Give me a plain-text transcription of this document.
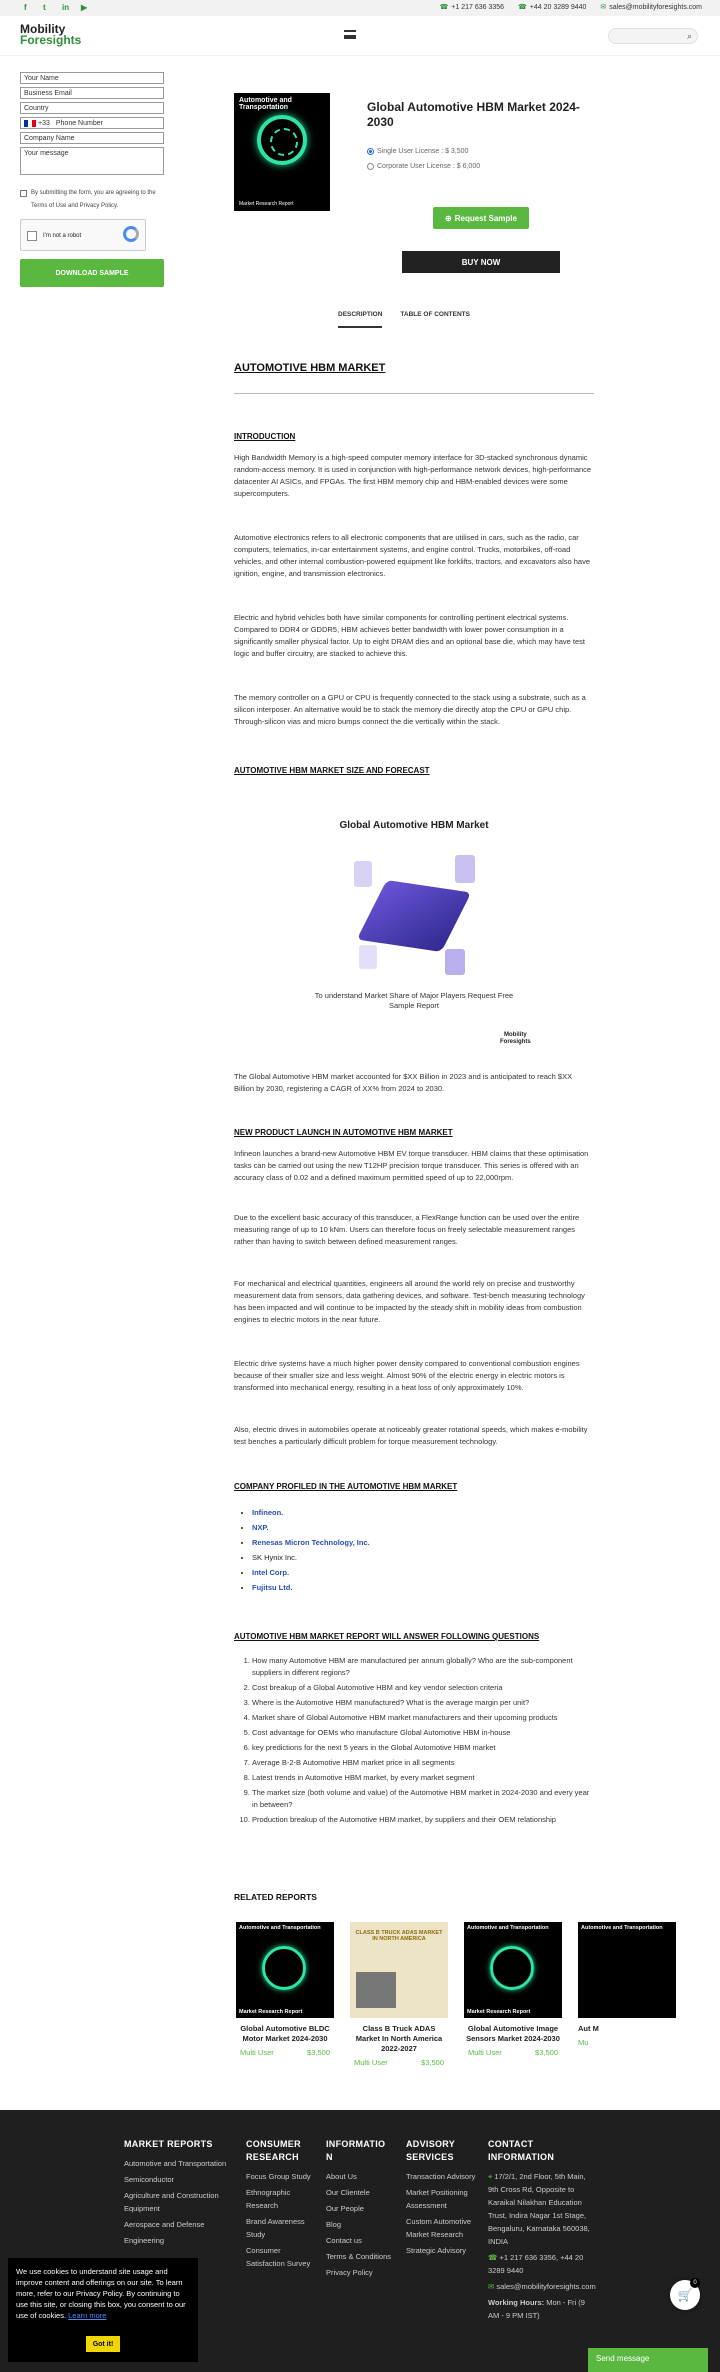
f	t	in ▶	☎ +1 217 636 3356 ☎ +44 20 3289 9440 ✉ sales@mobilityforesights.com
Mobility
Foresights	⌕
Your Name
Business Email
Country
+33 Phone Number
Company Name
Your message
By submitting the form, you are agreeing to the Terms of Use and Privacy Policy.
I'm not a robot
DOWNLOAD SAMPLE
Automotive and Transportation
Market Research Report
Global Automotive HBM Market 2024-2030
Single User License : $ 3,500
Corporate User License : $ 6,000
⊕ Request Sample
BUY NOW
DESCRIPTION	TABLE OF CONTENTS
AUTOMOTIVE HBM MARKET
INTRODUCTION
High Bandwidth Memory is a high-speed computer memory interface for 3D-stacked synchronous dynamic random-access memory. It is used in conjunction with high-performance network devices, high-performance datacenter AI ASICs, and FPGAs. The first HBM memory chip and HBM-enabled devices were some supercomputers.
Automotive electronics refers to all electronic components that are utilised in cars, such as the radio, car computers, telematics, in-car entertainment systems, and engine control. Trucks, motorbikes, off-road vehicles, and other internal combustion-powered equipment like forklifts, tractors, and excavators also have ignition, engine, and transmission electronics.
Electric and hybrid vehicles both have similar components for controlling pertinent electrical systems. Compared to DDR4 or GDDR5, HBM achieves better bandwidth with lower power consumption in a significantly smaller physical factor. Up to eight DRAM dies and an optional base die, which may have test logic and buffer circuitry, are stacked to achieve this.
The memory controller on a GPU or CPU is frequently connected to the stack using a substrate, such as a silicon interposer. An alternative would be to stack the memory die directly atop the CPU or GPU chip. Through-silicon vias and micro bumps connect the die vertically within the stack.
AUTOMOTIVE HBM MARKET SIZE AND FORECAST
Global Automotive HBM Market
To understand Market Share of Major Players Request Free
Sample Report
Mobility
Foresights
The Global Automotive HBM market accounted for $XX Billion in 2023 and is anticipated to reach $XX Billion by 2030, registering a CAGR of XX% from 2024 to 2030.
NEW PRODUCT LAUNCH IN AUTOMOTIVE HBM MARKET
Infineon launches a brand-new Automotive HBM EV torque transducer. HBM claims that these optimisation tasks can be carried out using the new T12HP precision torque transducer. This series is offered with an accuracy class of 0.02 and a defined maximum permitted speed of up to 22,000rpm.
Due to the excellent basic accuracy of this transducer, a FlexRange function can be used over the entire measuring range of up to 10 kNm. Users can therefore focus on freely selectable measurement ranges rather than having to switch between defined measurement ranges.
For mechanical and electrical quantities, engineers all around the world rely on precise and trustworthy measurement data from sensors, data gathering devices, and software. Test-bench measuring technology has been impacted and will continue to be impacted by the steady shift in mobility ideas from combustion engines to electric motors in the near future.
Electric drive systems have a much higher power density compared to conventional combustion engines because of their smaller size and less weight. Almost 90% of the electric energy in electric motors is transformed into mechanical energy, resulting in a heat loss of only approximately 10%.
Also, electric drives in automobiles operate at noticeably greater rotational speeds, which makes e-mobility test benches a particularly difficult problem for torque measurement technology.
COMPANY PROFILED IN THE AUTOMOTIVE HBM MARKET
• Infineon.
• NXP.
• Renesas Micron Technology, Inc.
• SK Hynix Inc.
• Intel Corp.
• Fujitsu Ltd.
AUTOMOTIVE HBM MARKET REPORT WILL ANSWER FOLLOWING QUESTIONS
1. How many Automotive HBM are manufactured per annum globally? Who are the sub-component suppliers in different regions?
2. Cost breakup of a Global Automotive HBM and key vendor selection criteria
3. Where is the Automotive HBM manufactured? What is the average margin per unit?
4. Market share of Global Automotive HBM market manufacturers and their upcoming products
5. Cost advantage for OEMs who manufacture Global Automotive HBM in-house
6. key predictions for the next 5 years in the Global Automotive HBM market
7. Average B-2-B Automotive HBM market price in all segments
8. Latest trends in Automotive HBM market, by every market segment
9. The market size (both volume and value) of the Automotive HBM market in 2024-2030 and every year in between?
10. Production breakup of the Automotive HBM market, by suppliers and their OEM relationship
RELATED REPORTS
Automotive and Transportation
Market Research Report
Global Automotive BLDC Motor Market 2024-2030
Multi User	$3,500
CLASS B TRUCK ADAS MARKET IN NORTH AMERICA
Class B Truck ADAS Market In North America 2022-2027
Multi User	$3,500
Automotive and Transportation
Market Research Report
Global Automotive Image Sensors Market 2024-2030
Multi User	$3,500
Automotive and Transportation
Aut M
Mu
MARKET REPORTS
Automotive and Transportation
Semiconductor
Agriculture and Construction Equipment
Aerospace and Defense
Engineering
CONSUMER
RESEARCH
Focus Group Study
Ethnographic Research
Brand Awareness Study
Consumer Satisfaction Survey
INFORMATIO
N
About Us
Our Clientele
Our People
Blog
Contact us
Terms & Conditions
Privacy Policy
ADVISORY
SERVICES
Transaction Advisory
Market Positioning Assessment
Custom Automotive Market Research
Strategic Advisory
CONTACT
INFORMATION
⌖ 17/2/1, 2nd Floor, 5th Main, 9th Cross Rd, Opposite to Karaikal Nilakhan Education Trust, Indira Nagar 1st Stage, Bengaluru, Karnataka 560038, INDIA
☎ +1 217 636 3356, +44 20 3289 9440
✉ sales@mobilityforesights.com
Working Hours: Mon - Fri (9 AM - 9 PM IST)
We use cookies to understand site usage and improve content and offerings on our site. To learn more, refer to our Privacy Policy. By continuing to use this site, or closing this box, you consent to our use of cookies. Learn more
Got it!
🛒
0
Send message
